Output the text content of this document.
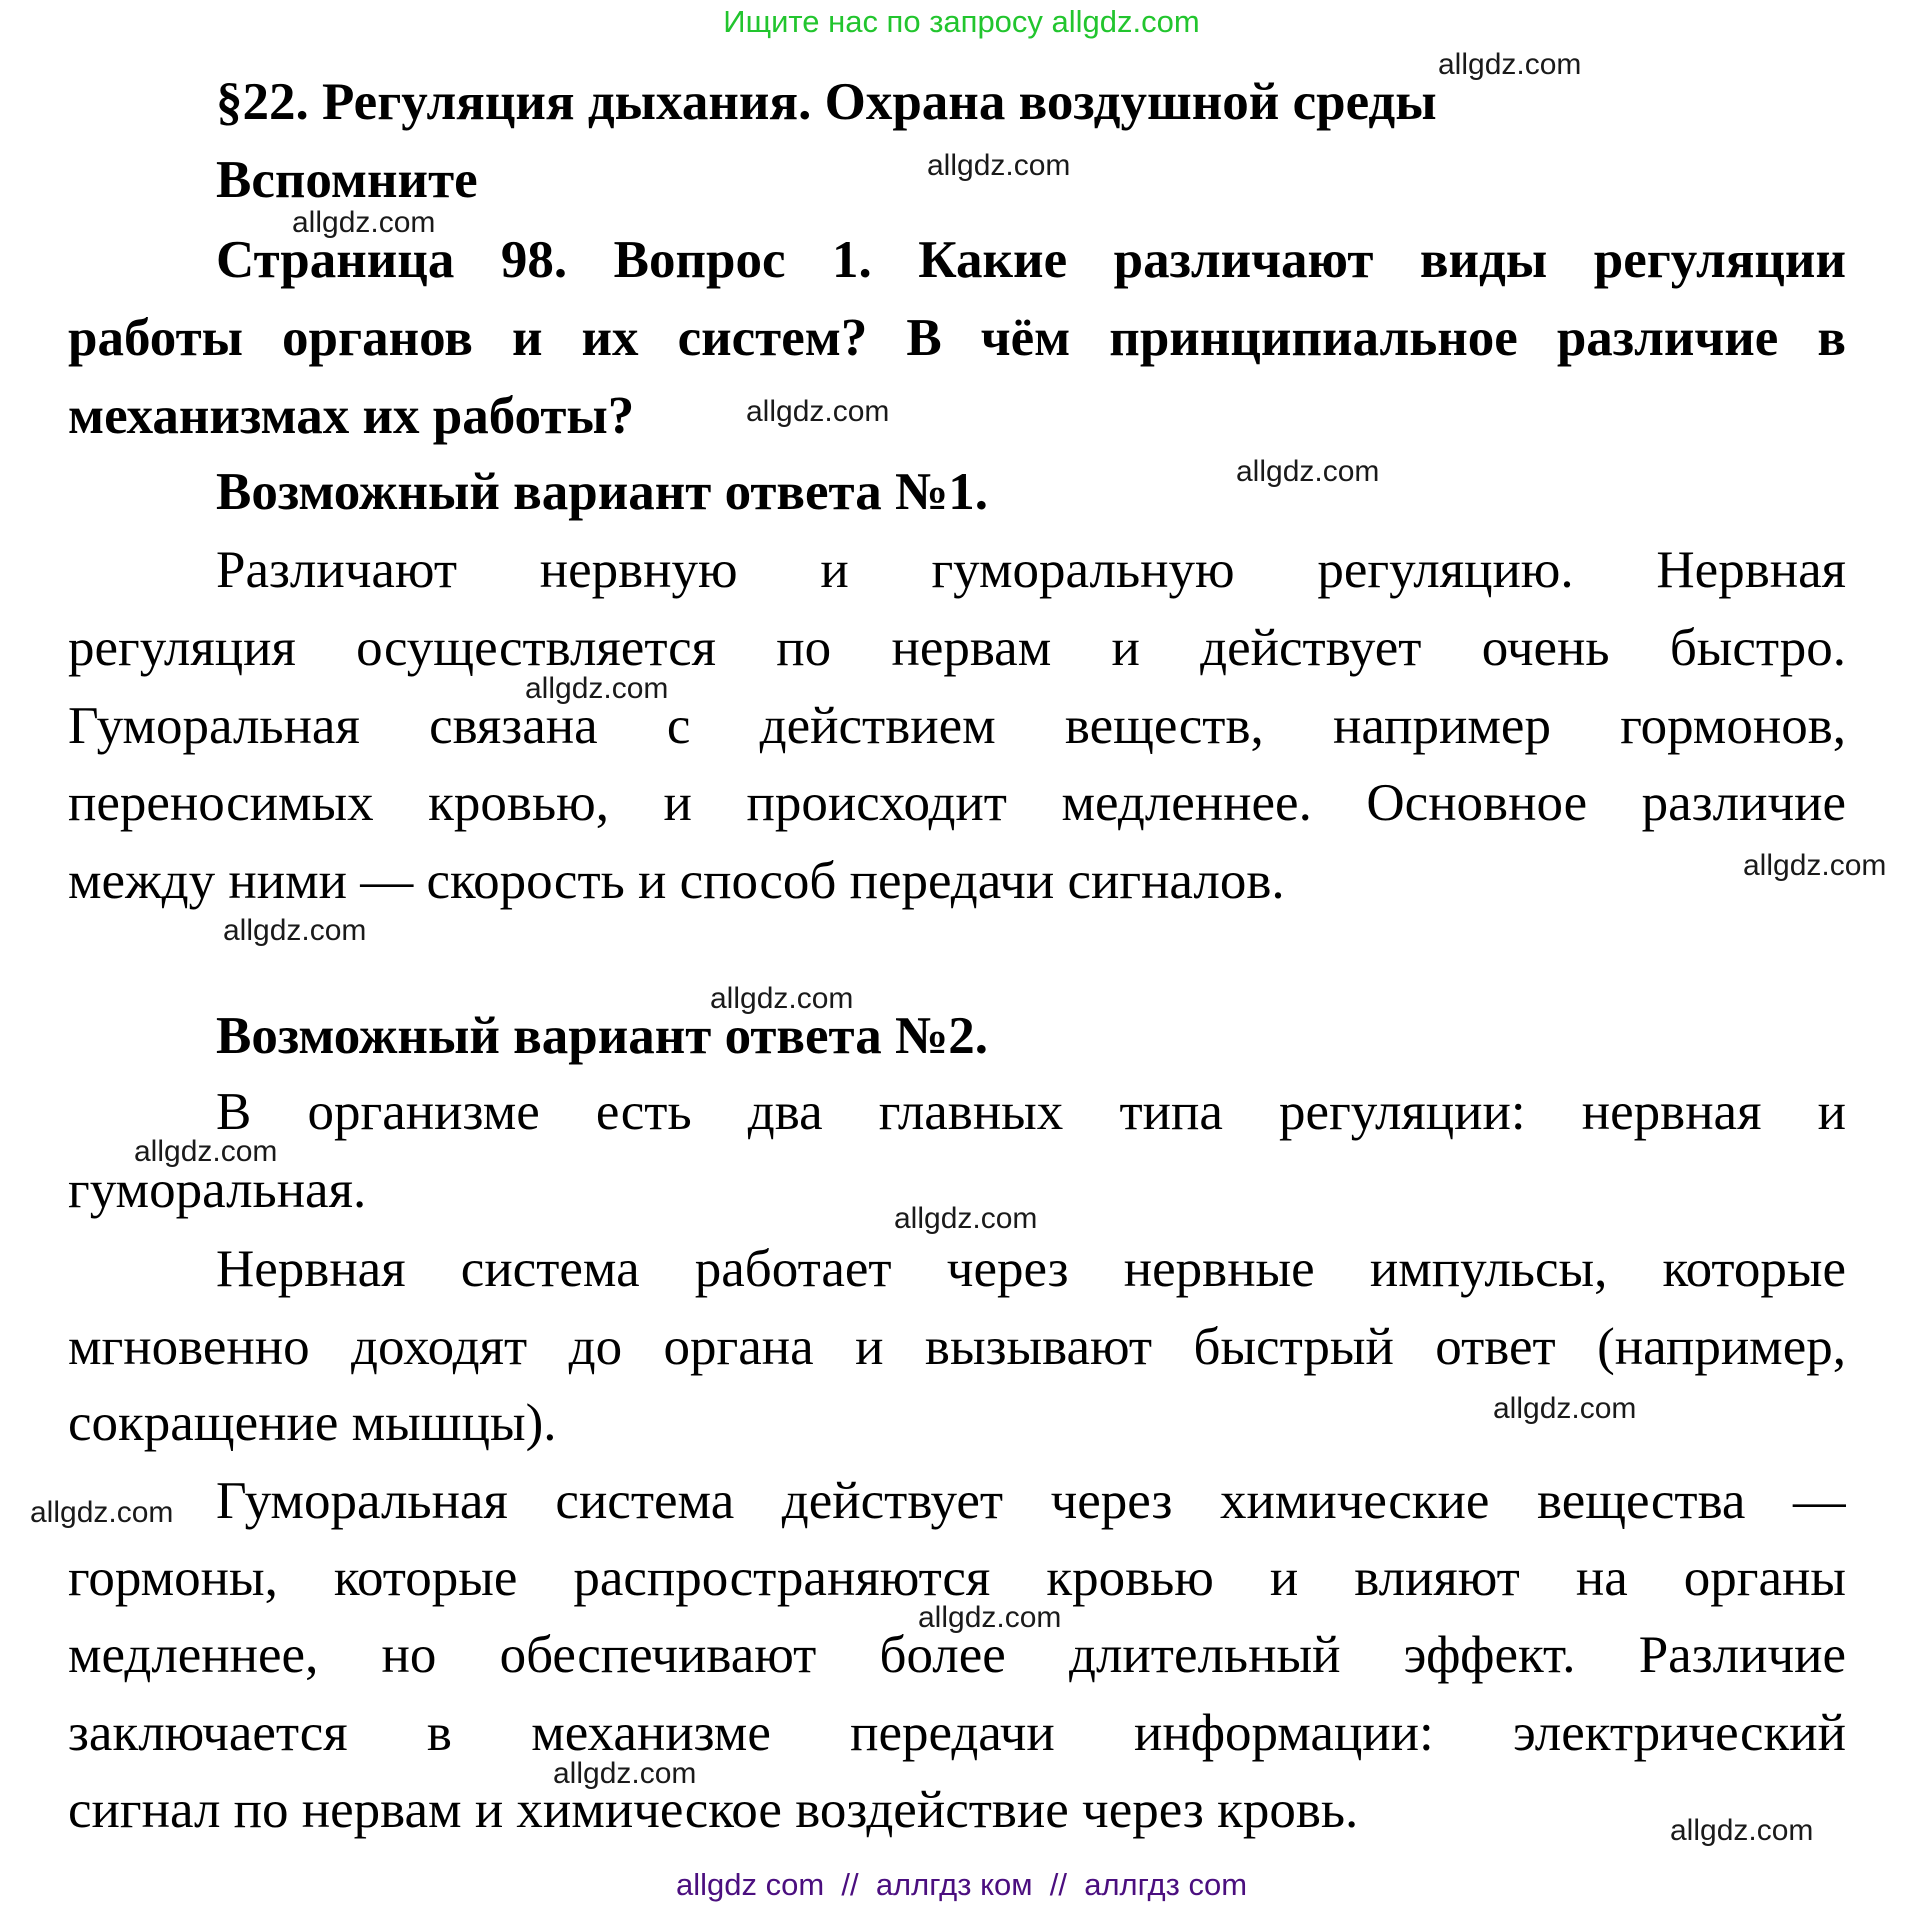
Ищите нас по запросу allgdz.com
§22. Регуляция дыхания. Охрана воздушной среды
Вспомните
Страница 98. Вопрос 1. Какие различают виды регуляции
работы органов и их систем? В чём принципиальное различие в
механизмах их работы?
Возможный вариант ответа №1.
Различают нервную и гуморальную регуляцию. Нервная
регуляция осуществляется по нервам и действует очень быстро.
Гуморальная связана с действием веществ, например гормонов,
переносимых кровью, и происходит медленнее. Основное различие
между ними — скорость и способ передачи сигналов.
Возможный вариант ответа №2.
В организме есть два главных типа регуляции: нервная и
гуморальная.
Нервная система работает через нервные импульсы, которые
мгновенно доходят до органа и вызывают быстрый ответ (например,
сокращение мышцы).
Гуморальная система действует через химические вещества —
гормоны, которые распространяются кровью и влияют на органы
медленнее, но обеспечивают более длительный эффект. Различие
заключается в механизме передачи информации: электрический
сигнал по нервам и химическое воздействие через кровь.
allgdz.com
allgdz.com
allgdz.com
allgdz.com
allgdz.com
allgdz.com
allgdz.com
allgdz.com
allgdz.com
allgdz.com
allgdz.com
allgdz.com
allgdz.com
allgdz.com
allgdz.com
allgdz.com
allgdz com  //  аллгдз ком  //  аллгдз com
